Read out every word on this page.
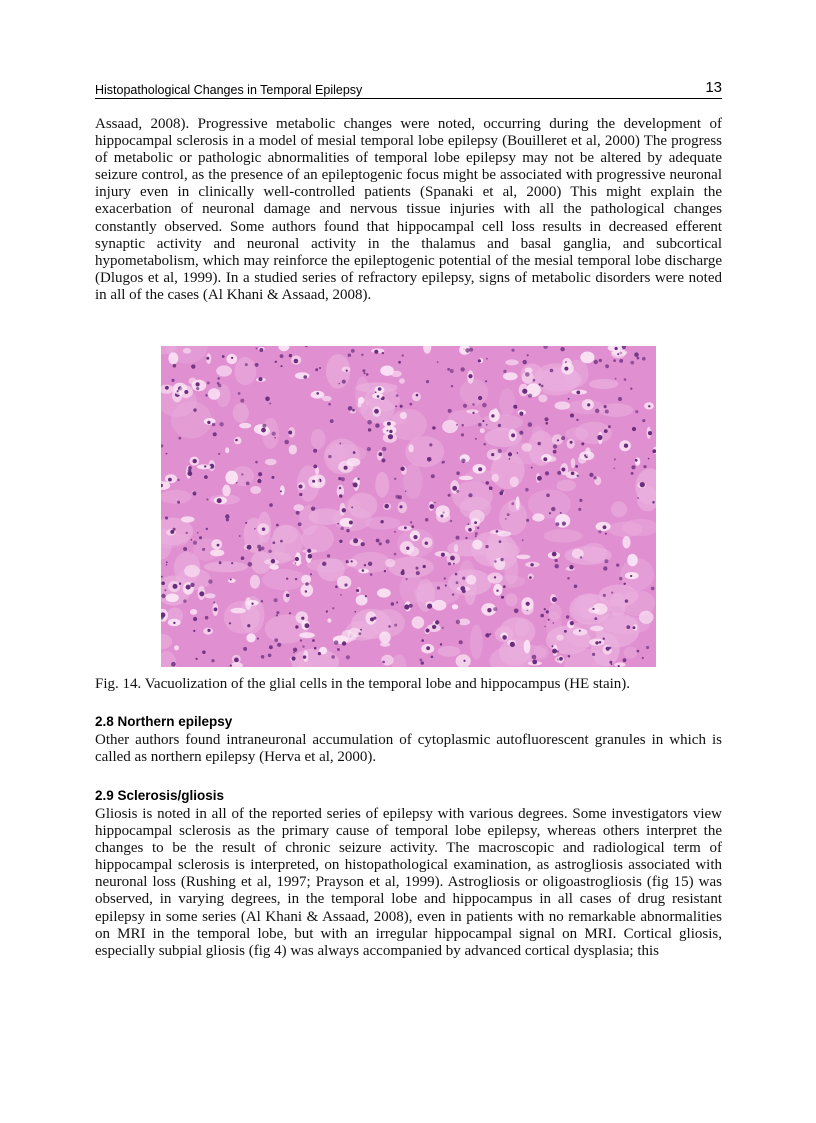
Histopathological Changes in Temporal Epilepsy	13

Assaad, 2008). Progressive metabolic changes were noted, occurring during the development of hippocampal sclerosis in a model of mesial temporal lobe epilepsy (Bouilleret et al, 2000) The progress of metabolic or pathologic abnormalities of temporal lobe epilepsy may not be altered by adequate seizure control, as the presence of an epileptogenic focus might be associated with progressive neuronal injury even in clinically well-controlled patients (Spanaki et al, 2000) This might explain the exacerbation of neuronal damage and nervous tissue injuries with all the pathological changes constantly observed. Some authors found that hippocampal cell loss results in decreased efferent synaptic activity and neuronal activity in the thalamus and basal ganglia, and subcortical hypometabolism, which may reinforce the epileptogenic potential of the mesial temporal lobe discharge (Dlugos et al, 1999). In a studied series of refractory epilepsy, signs of metabolic disorders were noted in all of the cases (Al Khani & Assaad, 2008).

Fig. 14. Vacuolization of the glial cells in the temporal lobe and hippocampus (HE stain).
2.8 Northern epilepsy

Other authors found intraneuronal accumulation of cytoplasmic autofluorescent granules in which is called as northern epilepsy (Herva et al, 2000).

2.9 Sclerosis/gliosis

Gliosis is noted in all of the reported series of epilepsy with various degrees. Some investigators view hippocampal sclerosis as the primary cause of temporal lobe epilepsy, whereas others interpret the changes to be the result of chronic seizure activity. The macroscopic and radiological term of hippocampal sclerosis is interpreted, on histopathological examination, as astrogliosis associated with neuronal loss (Rushing et al, 1997; Prayson et al, 1999). Astrogliosis or oligoastrogliosis (fig 15) was observed, in varying degrees, in the temporal lobe and hippocampus in all cases of drug resistant epilepsy in some series (Al Khani & Assaad, 2008), even in patients with no remarkable abnormalities on MRI in the temporal lobe, but with an irregular hippocampal signal on MRI. Cortical gliosis, especially subpial gliosis (fig 4) was always accompanied by advanced cortical dysplasia; this
